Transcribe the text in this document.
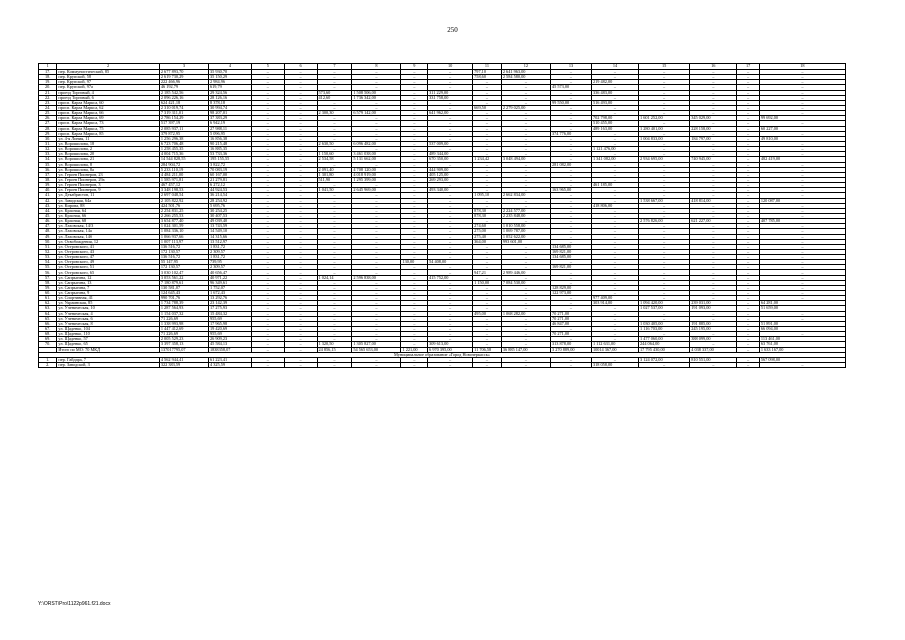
250
1	2	3	4	5	6	7	8	9	10	11	12	13	14	15	16	17	18
17.	пер. Коммунистический, 85	2 677 893,70	35 930,70	–	–	–	–	–	–	797,10	2 641 963,00	–	–	–	–	–	–
18.	пер. Крупской, 58	2 619 730,29	35 150,29	–	–	–	–	–	–	758,60	2 584 580,00	–	–	–	–	–	–
19.	пер. Крупской, 97	222 466,96	2 984,96	–	–	–	–	–	–	–	–	–	219 482,00	–	–	–	–
20.	пер. Крупской, 97а	46 192,79	619,79	–	–	–	–	–	–	–	–	45 573,00	–	–	–	–	–
21.	проезд Торговый, 4	2 185 542,56	29 324,56	–	–	573,60	1 508 506,00	–	311 229,00	–	–	–	336 483,00	–	–	–	–
22.	проезд Торговый, 6	2 096 226,16	28 126,16	–	–	412,60	1 736 342,00	–	331 758,00	–	–	–	–	–	–	–	–
23.	просп. Карла Маркса, 60	624 421,18	8 378,18	–	–	–	–	–	–	–	–	99 550,00	516 493,00	–	–	–	–
24.	просп. Карла Маркса, 62	2 310 019,74	30 994,74	–	–	–	–	–	–	669,50	2 279 025,00	–	–	–	–	–	–
25.	просп. Карла Маркса, 66	7 319 311,01	98 207,01	–	–	2 300,30	6 579 142,00	–	641 962,00	–	–	–	–	–	–	–	–
26.	просп. Карла Маркса, 69	2 786 154,29	37 383,29	–	–	–	–	–	–	–	–	–	702 798,00	1 601 252,00	345 029,00	–	99 692,00
27.	просп. Карла Маркса, 73	517 397,19	6 942,19	–	–	–	–	–	–	–	–	–	510 455,00	–	–	–	–
28.	просп. Карла Маркса, 75	2 085 937,11	27 988,11	–	–	–	–	–	–	–	–	–	489 163,00	1 280 401,00	228 158,00	–	60 227,00
29.	просп. Карла Маркса, 85	379 872,95	5 096,95	–	–	–	–	–	–	–	–	374 776,00	–	–	–	–	–
30.	ул. 4-я Линия, 11	1 256 296,38	16 856,38	–	–	–	–	–	–	–	–	–	–	1 004 833,00	184 797,00	–	49 810,00
31.	ул. Ворошилова, 18	6 723 706,48	90 215,48	–	–	2 630,50	6 096 482,00	–	537 009,00	–	–	–	–	–	–	–	–
32.	ул. Ворошилова, 2	1 258 455,35	16 885,35	–	–	–	–	–	–	–	–	–	1 121 476,00	–	–	–	–
33.	ул. Ворошилова, 20	4 004 715,36	53 733,36	–	–	1 150,60	3 461 038,00	–	489 344,00	–	–	–	–	–	–	–	–
34.	ул. Ворошилова, 21	14 544 828,55	195 155,55	–	–	2 534,58	5 131 662,00	–	670 350,00	1 234,42	3 048 494,00	–	1 341 082,00	2 934 695,00	740 945,00	–	482 419,00
35.	ул. Ворошилова, 8	284 904,72	3 822,72	–	–	–	–	–	–	–	–	281 082,00	–	–	–	–	–
36.	ул. Ворошилова, 8а	5 233 110,19	70 083,19	–	–	2 091,40	4 708 120,00	–	444 909,00	–	–	–	–	–	–	–	–
37.	ул. Героев Пионеров, 23	4 484 211,00	60 167,00	–	–	1 301,80	4 018 919,00	–	405 125,00	–	–	–	–	–	–	–	–
38.	ул. Героев Пионеров, 29а	1 585 971,81	21 279,81	–	–	511,90	1 295 399,00	–	269 293,00	–	–	–	–	–	–	–	–
39.	ул. Героев Пионеров, 3	467 457,12	6 272,12	–	–	–	–	–	–	–	–	–	461 185,00	–	–	–	–
40.	ул. Героев Пионеров, 9	3 348 198,53	44 924,53	–	–	1 041,50	2 645 969,00	–	493 340,00	–	–	163 965,00	–	–	–	–	–
41.	ул. Декабристов, 11	2 697 048,54	36 214,54	–	–	–	–	–	–	1 095,10	2 662 834,00	–	–	–	–	–	–
42.	ул. Заводская, 64а	2 105 822,92	28 254,92	–	–	–	–	–	–	–	–	–	–	1 538 667,00	418 814,00	–	120 087,00
43.	ул. Кирова, 88	424 501,76	5 695,76	–	–	–	–	–	–	–	–	–	418 806,00	–	–	–	–
44.	ул. Красная, 64	2 254 831,25	30 254,25	–	–	–	–	–	–	878,30	2 224 577,00	–	–	–	–	–	–
45.	ул. Красная, 66	2 266 255,53	30 407,53	–	–	–	–	–	–	878,30	2 235 848,00	–	–	–	–	–	–
46.	ул. Красная, 68	3 654 877,40	49 039,40	–	–	–	–	–	–	–	–	–	–	2 576 826,00	621 227,00	–	407 785,00
47.	ул. Лаховская, 14/3	1 024 301,59	13 743,59	–	–	–	–	–	–	274,60	1 010 558,00	–	–	–	–	–	–
48.	ул. Лаховская, 14а	1 084 336,10	14 549,10	–	–	–	–	–	–	275,00	1 069 787,00	–	–	–	–	–	–
49.	ул. Лаховская, 14б	1 066 937,66	14 315,66	–	–	–	–	–	–	275,40	1 052 622,00	–	–	–	–	–	–
50.	ул. Освобождения, 12	1 007 113,97	13 512,97	–	–	–	–	–	–	364,00	993 601,00	–	–	–	–	–	–
51.	ул. Островского, 41	136 516,72	1 831,72	–	–	–	–	–	–	–	–	134 685,00	–	–	–	–	–
52.	ул. Островского, 43	172 130,57	2 309,57	–	–	–	–	–	–	–	–	169 821,00	–	–	–	–	–
53.	ул. Островского, 47	136 516,72	1 831,72	–	–	–	–	–	–	–	–	134 685,00	–	–	–	–	–
54.	ул. Островского, 49	55 147,95	739,95	–	–	–	–	130,00	54 408,00	–	–	–	–	–	–	–	–
55.	ул. Островского, 51	172 130,57	2 309,57	–	–	–	–	–	–	–	–	169 821,00	–	–	–	–	–
56.	ул. Островского, 65	3 030 102,47	40 656,47	–	–	–	–	–	–	947,21	2 989 446,00	–	–	–	–	–	–
57.	ул. Сапрыгина, 12	3 053 561,22	40 971,22	–	–	1 024,14	2 596 838,00	–	415 752,00	–	–	–	–	–	–	–	–
58.	ул. Сапрыгина, 13	7 180 879,61	96 349,61	–	–	–	–	–	–	1 150,00	7 084 530,00	–	–	–	–	–	–
59.	ул. Сапрыгина, 7	130 581,07	1 752,07	–	–	–	–	–	–	–	–	128 829,00	–	–	–	–	–
60.	ул. Сапрыгина, 9	124 645,43	1 672,43	–	–	–	–	–	–	–	–	122 973,00	–	–	–	–	–
61.	ул. Спортивная, 41	990 701,76	13 292,76	–	–	–	–	–	–	–	–	–	977 409,00	–	–	–	–
62.	ул. Украинская, 85	1 734 788,39	23 142,39	–	–	–	–	–	–	–	–	–	303 914,00	1 094 420,00	239 031,00	–	64 281,00
63.	ул. Ученическая, 10	1 287 564,93	17 275,93	–	–	–	–	–	–	–	–	–	–	1 027 537,00	191 093,00	–	51 659,00
64.	ул. Ученическая, 4	1 154 037,32	15 484,32	–	–	–	–	–	–	495,00	1 068 282,00	70 271,00	–	–	–	–	–
65.	ул. Ученическая, 6	71 226,69	955,69	–	–	–	–	–	–	–	–	70 271,00	–	–	–	–	–
66.	ул. Ученическая, 8	1 338 993,98	17 965,98	–	–	–	–	–	–	–	–	46 847,00	–	1 030 405,00	191 885,00	–	51 891,00
67.	ул. Щаденко, 104	1 447 412,69	19 420,69	–	–	–	–	–	–	–	–	–	–	1 116 703,00	245 195,00	–	66 094,00
68.	ул. Щаденко, 110	71 226,69	955,69	–	–	–	–	–	–	–	–	70 271,00	–	–	–	–	–
69.	ул. Щаденко, 57	2 005 529,23	26 909,23	–	–	–	–	–	–	–	–	–	–	1 477 060,00	388 099,00	–	113 461,00
70.	ул. Щаденко, 65	3 397 358,13	45 584,13	–	–	1 320,50	1 305 827,00	–	309 613,00	–	–	313 878,00	1 112 631,00	244 064,00	–	–	63 761,00
	Итого по МО: 70 МКД	137017795,07	1838358,07	–	–	24 856,15	54 565 653,00	1 221,00	6 970 395,00	11 706,58	36 885 147,00	3 270 889,00	10014 367,00	17 795 430,00	4 038 337,00	–	1 633 167,00
Муниципальное образование «Город Новочеркасск»																	
1.	пер. Гайдара, 7	4 562 944,41	61 223,41	–	–	–	–	–	–	–	–	–	–	3 124 072,00	810 551,00	–	567 098,00
2.	пер. Заводской, 3	322 383,59	4 325,59	–	–	–	–	–	–	–	–	–	318 058,00	–	–	–	–
Y:\ORST\Pro\1122p961.f21.docx
